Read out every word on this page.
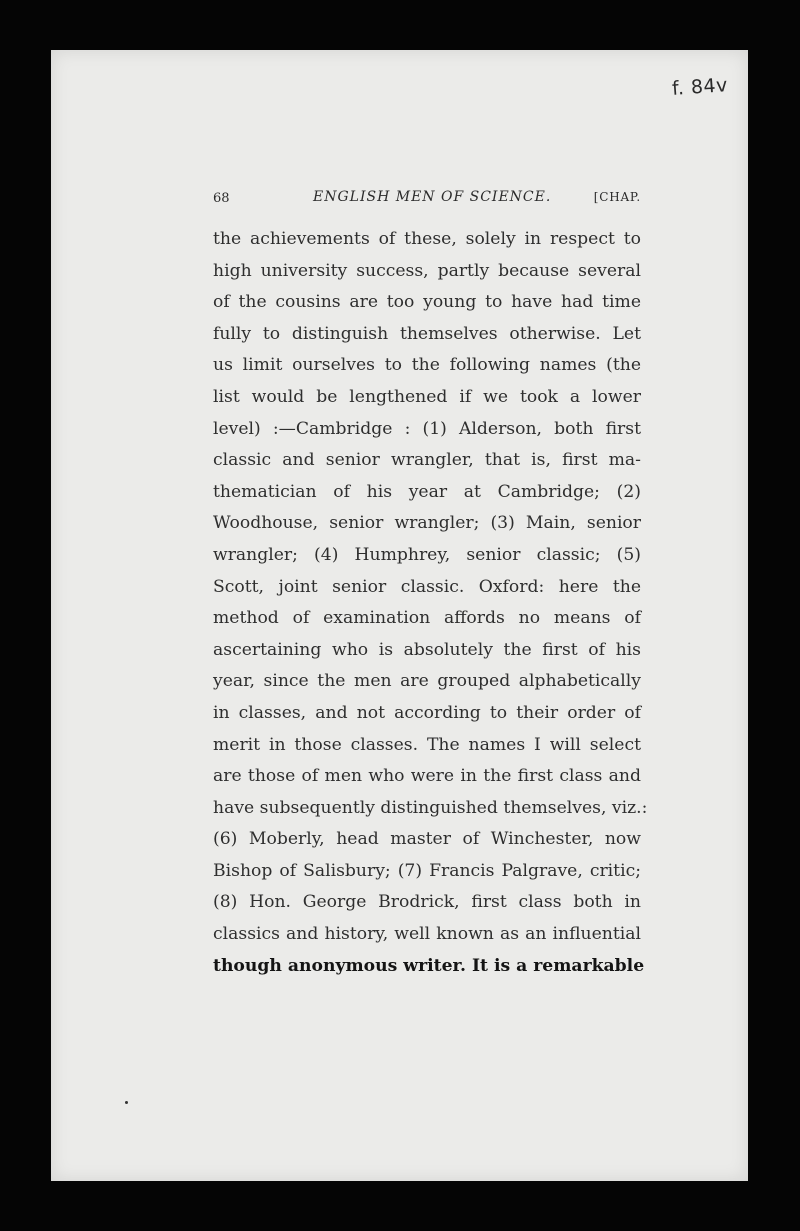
f. 84v
68	ENGLISH MEN OF SCIENCE.	[CHAP.
the achievements of these, solely in respect to
high university success, partly because several
of the cousins are too young to have had time
fully to distinguish themselves otherwise. Let
us limit ourselves to the following names (the
list would be lengthened if we took a lower
level) :—Cambridge : (1) Alderson, both first
classic and senior wrangler, that is, first ma-
thematician of his year at Cambridge; (2)
Woodhouse, senior wrangler; (3) Main, senior
wrangler; (4) Humphrey, senior classic; (5)
Scott, joint senior classic. Oxford: here the
method of examination affords no means of
ascertaining who is absolutely the first of his
year, since the men are grouped alphabetically
in classes, and not according to their order of
merit in those classes. The names I will select
are those of men who were in the first class and
have subsequently distinguished themselves, viz.:
(6) Moberly, head master of Winchester, now
Bishop of Salisbury; (7) Francis Palgrave, critic;
(8) Hon. George Brodrick, first class both in
classics and history, well known as an influential
though anonymous writer. It is a remarkable
